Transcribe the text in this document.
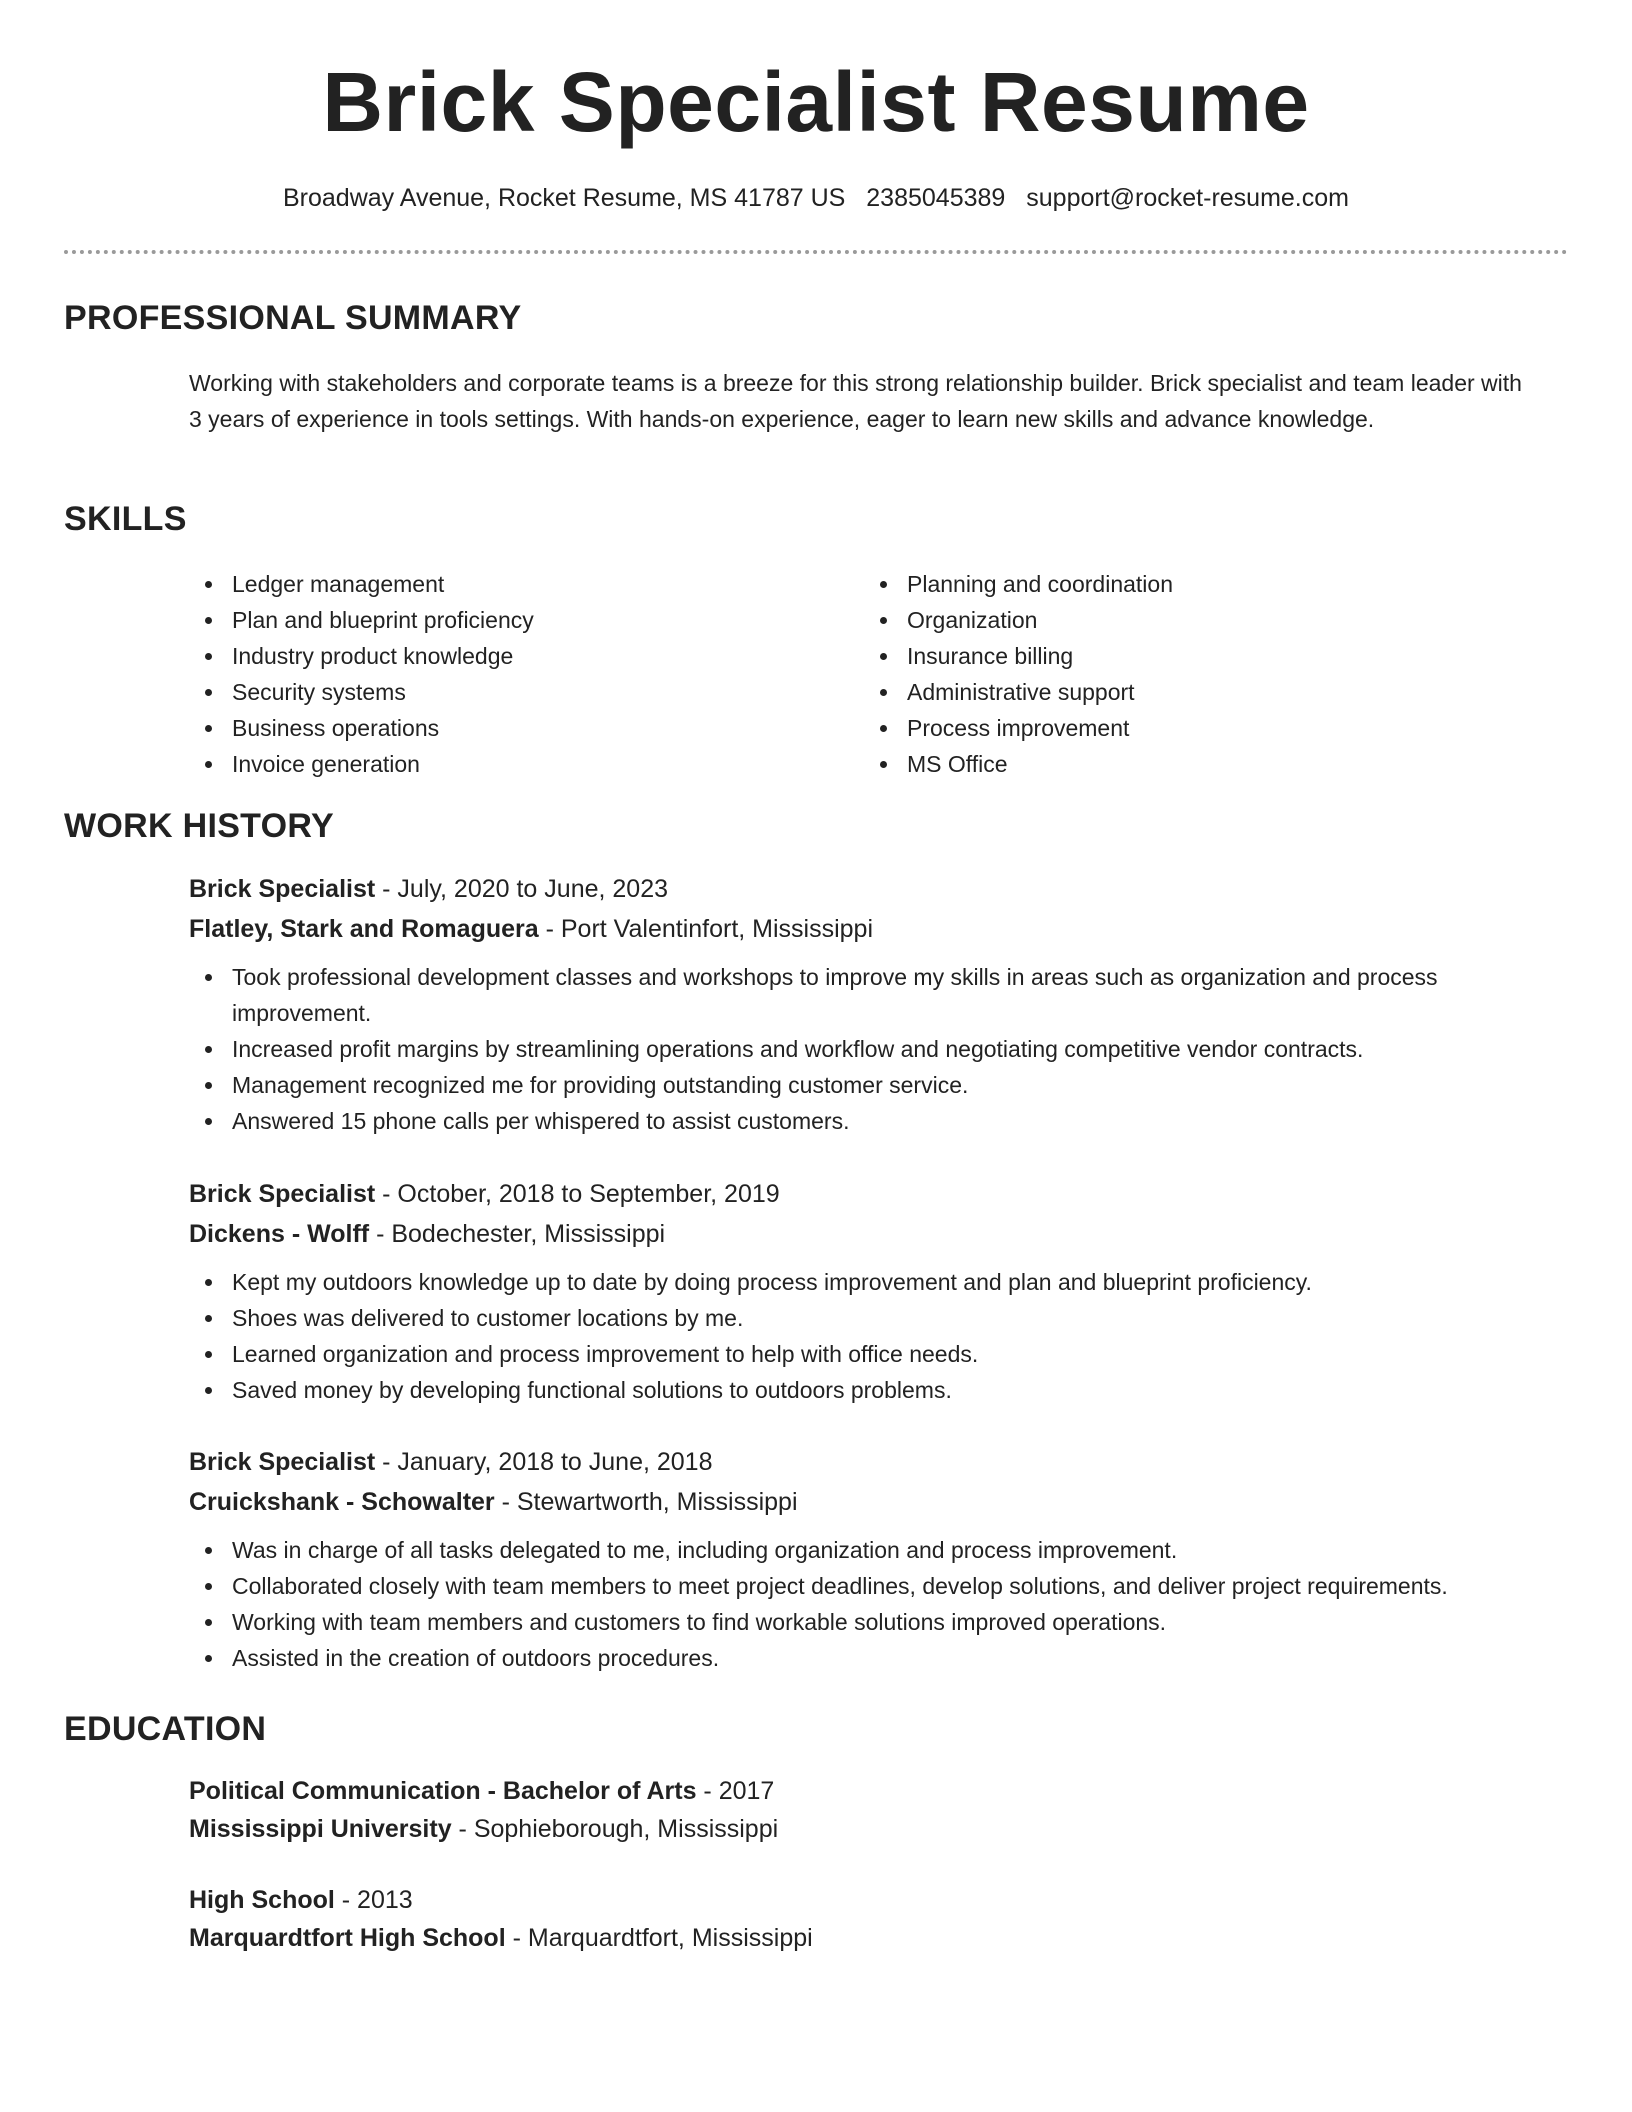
Brick Specialist Resume
Broadway Avenue, Rocket Resume, MS 41787 US 2385045389 support@rocket-resume.com
PROFESSIONAL SUMMARY
Working with stakeholders and corporate teams is a breeze for this strong relationship builder. Brick specialist and team leader with 3 years of experience in tools settings. With hands-on experience, eager to learn new skills and advance knowledge.
SKILLS
Ledger management
Plan and blueprint proficiency
Industry product knowledge
Security systems
Business operations
Invoice generation
Planning and coordination
Organization
Insurance billing
Administrative support
Process improvement
MS Office
WORK HISTORY
Brick Specialist - July, 2020 to June, 2023
Flatley, Stark and Romaguera - Port Valentinfort, Mississippi
Took professional development classes and workshops to improve my skills in areas such as organization and process improvement.
Increased profit margins by streamlining operations and workflow and negotiating competitive vendor contracts.
Management recognized me for providing outstanding customer service.
Answered 15 phone calls per whispered to assist customers.
Brick Specialist - October, 2018 to September, 2019
Dickens - Wolff - Bodechester, Mississippi
Kept my outdoors knowledge up to date by doing process improvement and plan and blueprint proficiency.
Shoes was delivered to customer locations by me.
Learned organization and process improvement to help with office needs.
Saved money by developing functional solutions to outdoors problems.
Brick Specialist - January, 2018 to June, 2018
Cruickshank - Schowalter - Stewartworth, Mississippi
Was in charge of all tasks delegated to me, including organization and process improvement.
Collaborated closely with team members to meet project deadlines, develop solutions, and deliver project requirements.
Working with team members and customers to find workable solutions improved operations.
Assisted in the creation of outdoors procedures.
EDUCATION
Political Communication - Bachelor of Arts - 2017
Mississippi University - Sophieborough, Mississippi
High School - 2013
Marquardtfort High School - Marquardtfort, Mississippi
